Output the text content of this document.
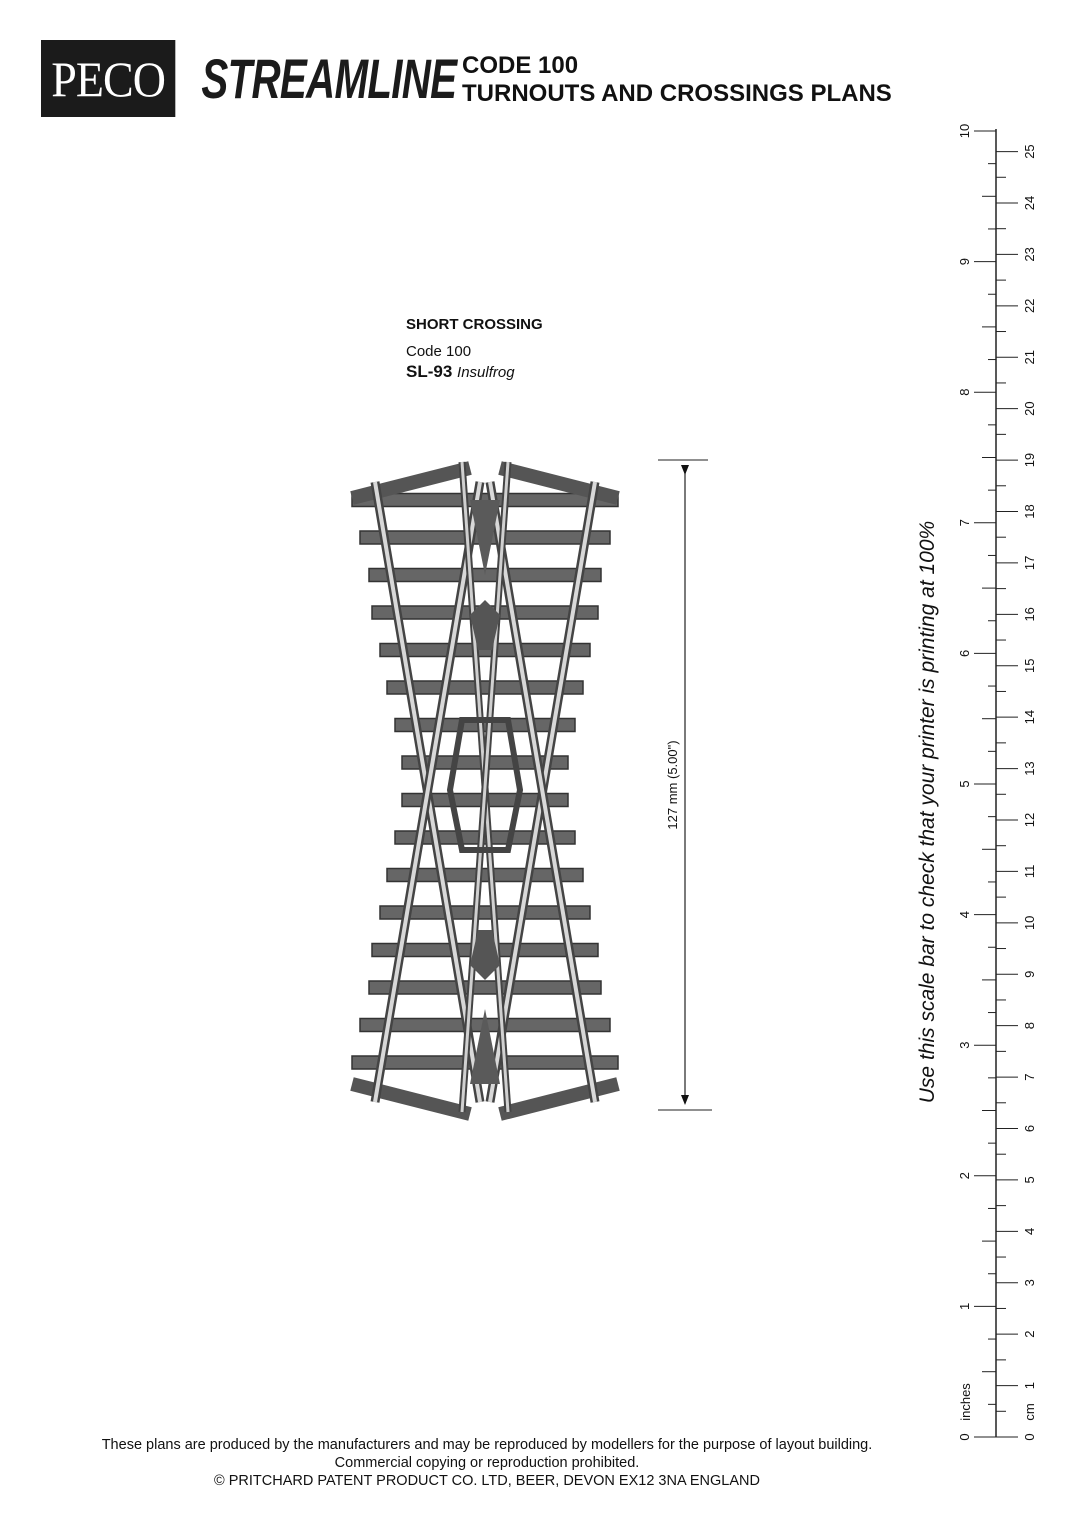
PECO STREAMLINE CODE 100
TURNOUTS AND CROSSINGS PLANS
SHORT CROSSING
Code 100
SL-93 Insulfrog
127 mm (5.00")
0
1
2
3
4
5
6
7
8
9
10
0
1
2
3
4
5
6
7
8
9
10
11
12
13
14
15
16
17
18
19
20
21
22
23
24
25
inches	cm
Use this scale bar to check that your printer is printing at 100%
These plans are produced by the manufacturers and may be reproduced by modellers for the purpose of layout building.
Commercial copying or reproduction prohibited.
© PRITCHARD PATENT PRODUCT CO. LTD, BEER, DEVON EX12 3NA ENGLAND
